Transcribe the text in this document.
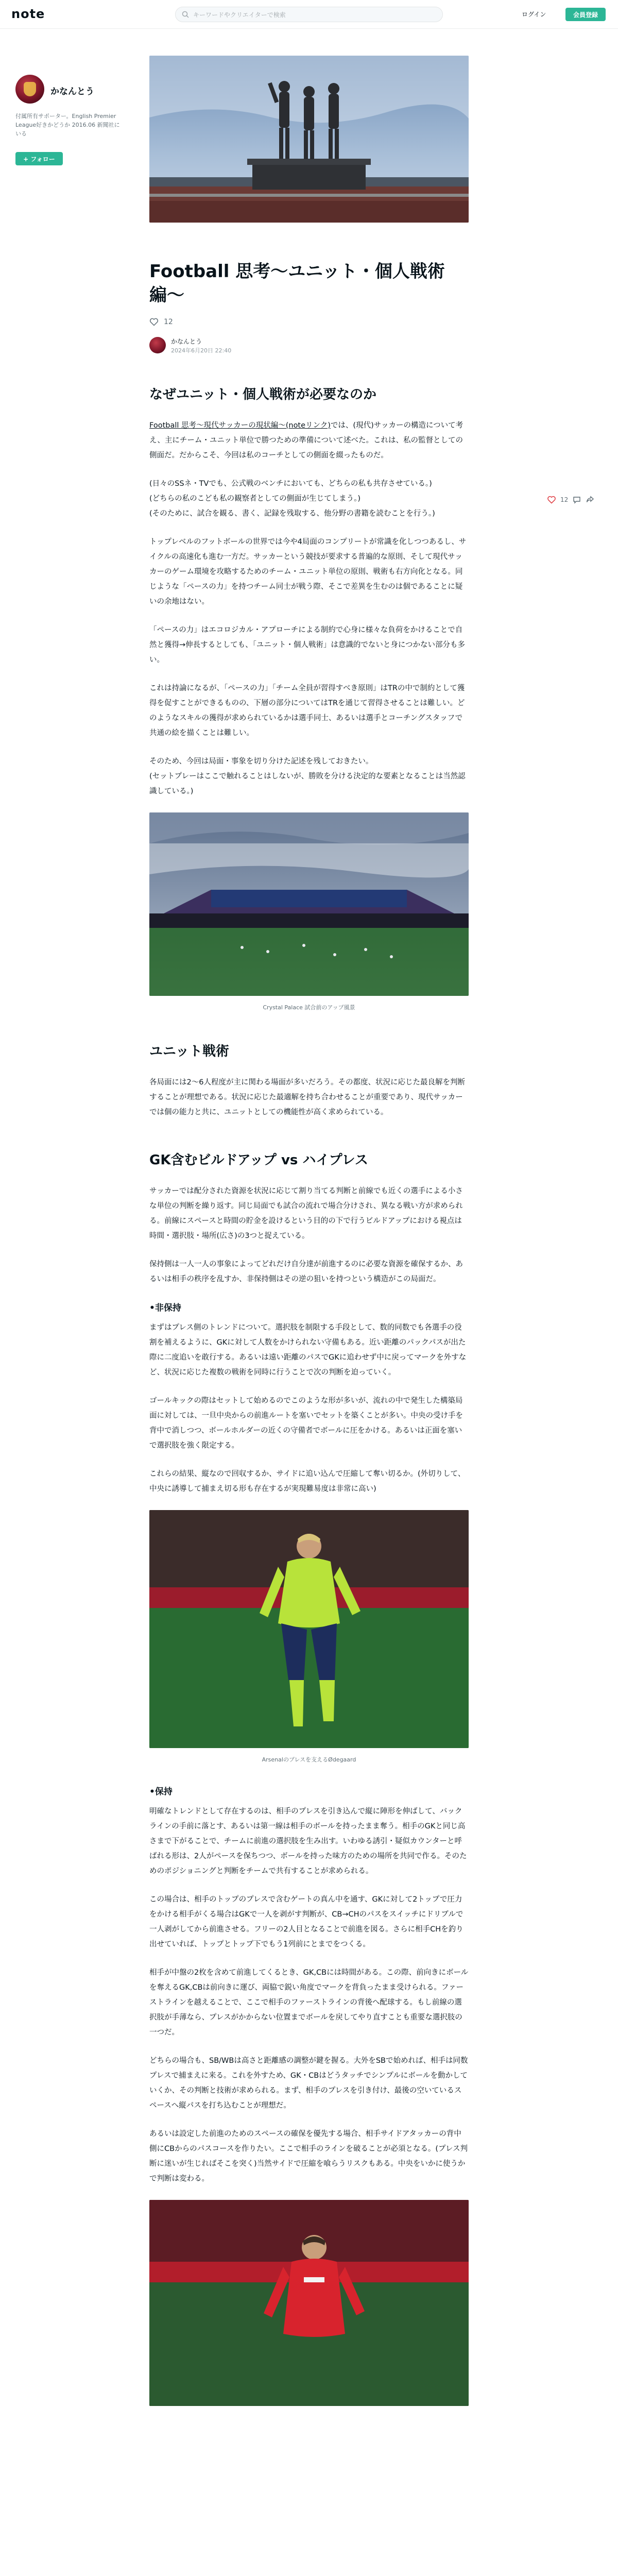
note
キーワードやクリエイターで検索	ログイン	会員登録
かなんとう
付属所有サポーター。English Premier League好きかどうか 2016.06 新聞社にいる
+ フォロー
12
Football 思考〜ユニット・個人戦術編〜
12
かなんとう
2024年6月20日 22:40
なぜユニット・個人戦術が必要なのか

Football 思考〜現代サッカーの現状編〜(noteリンク)では、(現代)サッカーの構造について考え、主にチーム・ユニット単位で勝つための準備について述べた。これは、私の監督としての側面だ。だからこそ、今回は私のコーチとしての側面を綴ったものだ。

(日々のSSネ・TVでも、公式戦のベンチにおいても、どちらの私も共存させている。)
(どちらの私のこども私の観察者としての側面が生じてしまう。)
(そのために、試合を観る、書く、記録を残取する、他分野の書籍を読むことを行う。)

トップレベルのフットボールの世界では今や4局面のコンプリートが常識を化しつつあるし、サイクルの高速化も進む一方だ。サッカーという競技が要求する普遍的な原則、そして現代サッカーのゲーム環境を攻略するためのチーム・ユニット単位の原則、戦術も右方向化となる。同じような「ペースの力」を持つチーム同士が戦う際、そこで差異を生むのは個であることに疑いの余地はない。

「ペースの力」はエコロジカル・アプローチによる制約で心身に様々な負荷をかけることで自然と獲得→伸長するとしても、「ユニット・個人戦術」は意識的でないと身につかない部分も多い。

これは持論になるが、「ペースの力」「チーム全員が習得すべき原則」はTRの中で制約として獲得を促すことができるものの、下層の部分についてはTRを通じて習得させることは難しい。どのようなスキルの獲得が求められているかは選手同士、あるいは選手とコーチングスタッフで共通の絵を描くことは難しい。

そのため、今回は局面・事象を切り分けた記述を残しておきたい。
(セットプレーはここで触れることはしないが、勝敗を分ける決定的な要素となることは当然認識している。)

Crystal Palace 試合前のアップ風景
ユニット戦術

各局面には2〜6人程度が主に関わる場面が多いだろう。その都度、状況に応じた最良解を判断することが理想である。状況に応じた最適解を持ち合わせることが重要であり、現代サッカーでは個の能力と共に、ユニットとしての機能性が高く求められている。

GK含むビルドアップ vs ハイプレス

サッカーでは配分された資源を状況に応じて割り当てる判断と前線でも近くの選手による小さな単位の判断を繰り返す。同じ局面でも試合の流れで場合分けされ、異なる戦い方が求められる。前線にスペースと時間の貯金を設けるという目的の下で行うビルドアップにおける視点は時間・選択肢・場所(広さ)の3つと捉えている。

保持側は一人一人の事象によってどれだけ自分達が前進するのに必要な資源を確保するか、あるいは相手の秩序を乱すか、非保持側はその逆の狙いを持つという構造がこの局面だ。

•非保持

まずはプレス側のトレンドについて。選択肢を制限する手段として、数的同数でも各選手の役割を補えるように、GKに対して人数をかけられない守備もある。近い距離のパックパスが出た際に二度追いを敢行する。あるいは遠い距離のパスでGKに追わせず中に戻ってマークを外すなど、状況に応じた複数の戦術を同時に行うことで次の判断を迫っていく。

ゴールキックの際はセットして始めるのでこのような形が多いが、流れの中で発生した構築局面に対しては、一旦中央からの前進ルートを塞いでセットを築くことが多い。中央の受け手を背中で消しつつ、ボールホルダーの近くの守備者でボールに圧をかける。あるいは正面を塞いで選択肢を強く限定する。

これらの結果、縦なので回収するか、サイドに追い込んで圧縮して奪い切るか。(外切りして、中央に誘導して捕まえ切る形も存在するが実現難易度は非常に高い)

Arsenalのプレスを支えるØdegaard
•保持

明確なトレンドとして存在するのは、相手のプレスを引き込んで縦に陣形を伸ばして、バックラインの手前に落とす、あるいは第一線は相手のボールを持ったまま奪う。相手のGKと同じ高さまで下がることで、チームに前進の選択肢を生み出す。いわゆる誘引・疑似カウンターと呼ばれる形は、2人がペースを保ちつつ、ボールを持った味方のための場所を共同で作る。そのためのポジショニングと判断をチームで共有することが求められる。

この場合は、相手のトップのプレスで含むゲートの真ん中を通す、GKに対して2トップで圧力をかける相手がくる場合はGKで一人を剥がす判断が、CB→CHのパスをスイッチにドリブルで一人剥がしてから前進させる。フリーの2人目となることで前進を図る。さらに相手CHを釣り出せていれば、トップとトップ下でもう1列前にとまでをつくる。

相手が中盤の2枚を含めて前進してくるとき、GK,CBには時間がある。この際、前向きにボールを奪えるGK,CBは前向きに運び、両脇で鋭い角度でマークを背負ったまま受けられる。ファーストラインを越えることで、ここで相手のファーストラインの背後へ配球する。もし前線の選択肢が手薄なら、プレスがかからない位置までボールを戻してやり直すことも重要な選択肢の一つだ。

どちらの場合も、SB/WBは高さと距離感の調整が鍵を握る。大外をSBで始めれば、相手は同数プレスで捕まえに来る。これを外すため、GK・CBはどうタッチでシンプルにボールを動かしていくか、その判断と技術が求められる。まず、相手のプレスを引き付け、最後の空いているスペースへ縦パスを打ち込むことが理想だ。

あるいは設定した前進のためのスペースの確保を優先する場合、相手サイドアタッカーの背中側にCBからのパスコースを作りたい。ここで相手のラインを破ることが必須となる。(プレス判断に迷いが生じればそこを突く)当然サイドで圧縮を喰らうリスクもある。中央をいかに使うかで判断は変わる。
